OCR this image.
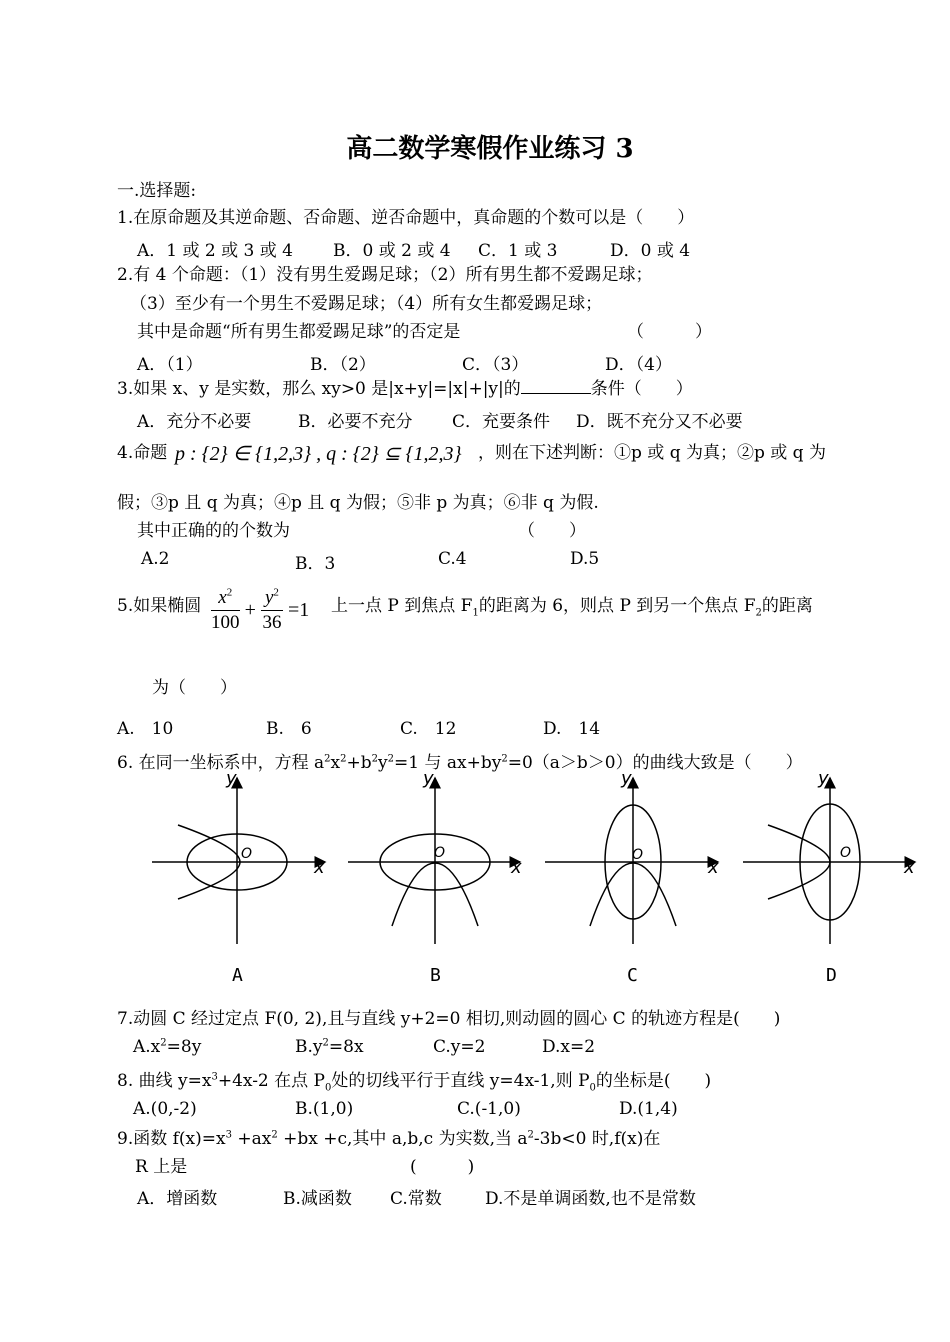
高二数学寒假作业练习 3
一.选择题:
1.在原命题及其逆命题、否命题、逆否命题中，真命题的个数可以是（　　）
A．1 或 2 或 3 或 4 B．0 或 2 或 4 C．1 或 3	D．0 或 4
2.有 4 个命题：（1）没有男生爱踢足球；（2）所有男生都不爱踢足球；
（3）至少有一个男生不爱踢足球；（4）所有女生都爱踢足球；
其中是命题“所有男生都爱踢足球”的否定是	（　　　）
A．（1）	B．（2）	C．（3）	D．（4）
3.如果 x、y 是实数，那么 xy>0 是|x+y|=|x|+|y|的	条件（　　）
A．充分不必要	B．必要不充分 C．充要条件 D．既不充分又不必要
4.命题 p : {2} ∈ {1,2,3} , q : {2} ⊆ {1,2,3} ，则在下述判断：①p 或 q 为真；②p 或 q 为
假；③p 且 q 为真；④p 且 q 为假；⑤非 p 为真；⑥非 q 为假.
其中正确的的个数为	（　　）
A.2	B．3	C.4	D.5
5.如果椭圆 $\frac{x^2}{100} + \frac{y^2}{36} =1$ 上一点 P 到焦点 $F_1$的距离为 6，则点 P 到另一个焦点 $F_2$的距离
为（　　）
A.　10	B.　6	C.　12	D.　14
6. 在同一坐标系中，方程 $a^2x^2+b^2y^2=1$ 与 $ax+by^2=0(a>b>0)$的曲线大致是（　　）
y
x
O
A
y
x
O
B
y
x
O
C
y
x
O
D
7.动圆 C 经过定点 F(0, 2),且与直线 y+2=0 相切,则动圆的圆心 C 的轨迹方程是(　　)
$A.x^2=8y$	$B.y^2=8x$	C.y=2	D.x=2
8. 曲线 $y=x^3+4x-2$ 在点 $P_0$处的切线平行于直线 y=4x-1,则 $P_0$的坐标是(　　)
A.(0,-2)	B.(1,0)	C.(-1,0)	D.(1,4)
9.函数 $f(x)=x^3 +ax^2 +bx +c$,其中 a,b,c 为实数,当 $a^2-3b<0$ 时,f(x)在
R 上是	(　　　)
A．增函数	B.减函数 C.常数	D.不是单调函数,也不是常数
